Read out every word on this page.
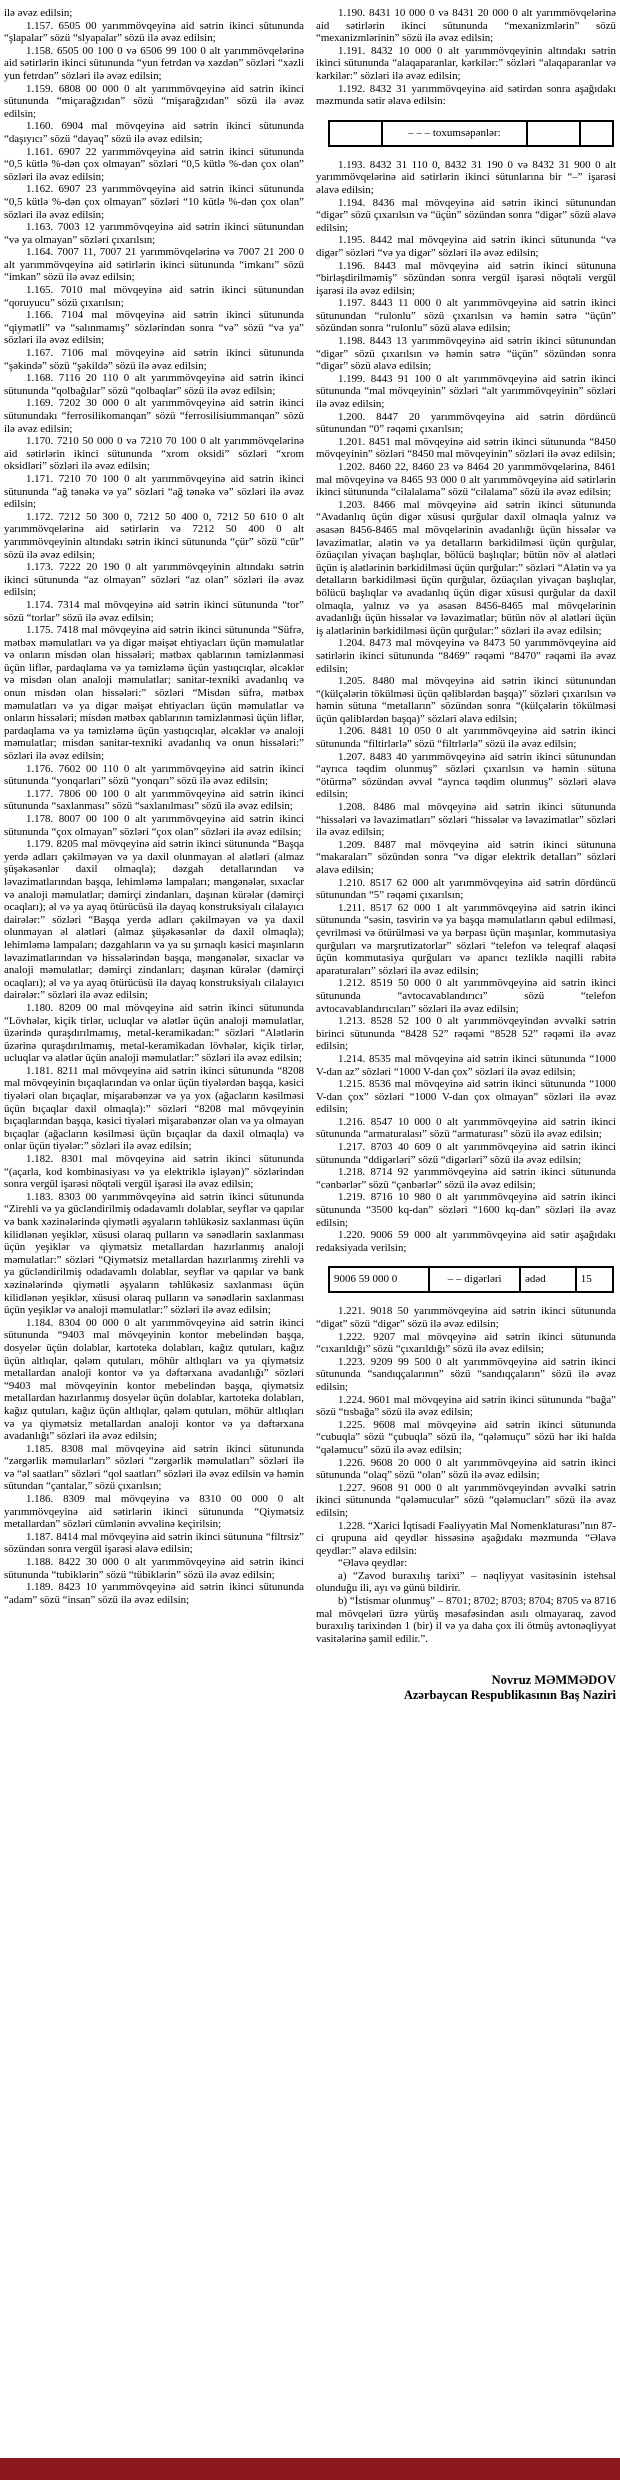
ilə əvəz edilsin;

1.157. 6505 00 yarımmövqeyinə aid sətrin ikinci sütununda “şlapalar” sözü “slyapalar” sözü ilə əvəz edilsin;

1.158. 6505 00 100 0 və 6506 99 100 0 alt yarımmövqelərinə aid sətirlərin ikinci sütununda “yun fetrdən və xəzdən” sözləri “xəzli yun fetrdən” sözləri ilə əvəz edilsin;

1.159. 6808 00 000 0 alt yarımmövqeyinə aid sətrin ikinci sütununda “miçarağzıdan” sözü “mişarağzıdan” sözü ilə əvəz edilsin;

1.160. 6904 mal mövqeyinə aid sətrin ikinci sütununda “daşıyıcı” sözü “dayaq” sözü ilə əvəz edilsin;

1.161. 6907 22 yarımmövqeyinə aid sətrin ikinci sütununda “0,5 kütlə %-dən çox olmayan” sözləri “0,5 kütlə %-dən çox olan” sözləri ilə əvəz edilsin;

1.162. 6907 23 yarımmövqeyinə aid sətrin ikinci sütununda “0,5 kütlə %-dən çox olmayan” sözləri “10 kütlə %-dən çox olan” sözləri ilə əvəz edilsin;

1.163. 7003 12 yarımmövqeyinə aid sətrin ikinci sütunundan “və ya olmayan” sözləri çıxarılsın;

1.164. 7007 11, 7007 21 yarımmövqelərinə və 7007 21 200 0 alt yarımmövqeyinə aid sətirlərin ikinci sütununda “imkanı” sözü “imkan” sözü ilə əvəz edilsin;

1.165. 7010 mal mövqeyinə aid sətrin ikinci sütunundan “qoruyucu” sözü çıxarılsın;

1.166. 7104 mal mövqeyinə aid sətrin ikinci sütununda “qiymətli” və “salınmamış” sözlərindən sonra “və” sözü “və ya” sözləri ilə əvəz edilsin;

1.167. 7106 mal mövqeyinə aid sətrin ikinci sütununda “şəkində” sözü “şəkildə” sözü ilə əvəz edilsin;

1.168. 7116 20 110 0 alt yarımmövqeyinə aid sətrin ikinci sütununda “qolbağılar” sözü “qolbaqlar” sözü ilə əvəz edilsin;

1.169. 7202 30 000 0 alt yarımmövqeyinə aid sətrin ikinci sütunundakı “ferrosilikomanqan” sözü “ferrosilisiummanqan” sözü ilə əvəz edilsin;

1.170. 7210 50 000 0 və 7210 70 100 0 alt yarımmövqelərinə aid sətirlərin ikinci sütununda “xrom oksidi” sözləri “xrom oksidləri” sözləri ilə əvəz edilsin;

1.171. 7210 70 100 0 alt yarımmövqeyinə aid sətrin ikinci sütununda “ağ tənəkə və ya” sözləri “ağ tənəkə və” sözləri ilə əvəz edilsin;

1.172. 7212 50 300 0, 7212 50 400 0, 7212 50 610 0 alt yarımmövqelərinə aid sətirlərin və 7212 50 400 0 alt yarımmövqeyinin altındakı sətrin ikinci sütununda “çür” sözü “cür” sözü ilə əvəz edilsin;

1.173. 7222 20 190 0 alt yarımmövqeyinin altındakı sətrin ikinci sütununda “az olmayan” sözləri “az olan” sözləri ilə əvəz edilsin;

1.174. 7314 mal mövqeyinə aid sətrin ikinci sütununda “tor” sözü “torlar” sözü ilə əvəz edilsin;

1.175. 7418 mal mövqeyinə aid sətrin ikinci sütununda “Süfrə, mətbəx məmulatları və ya digər məişət ehtiyacları üçün məmulatlar və onların misdən olan hissələri; mətbəx qablarının təmizlənməsi üçün liflər, pardaqlama və ya təmizləmə üçün yastıqcıqlar, əlcəklər və misdən olan analoji məmulatlar; sanitar-texniki avadanlıq və onun misdən olan hissələri:” sözləri “Misdən süfrə, mətbəx məmulatları və ya digər məişət ehtiyacları üçün məmulatlar və onların hissələri; misdən mətbəx qablarının təmizlənməsi üçün liflər, pardaqlama və ya təmizləmə üçün yastıqcıqlar, əlcəklər və analoji məmulatlar; misdən sanitar-texniki avadanlıq və onun hissələri:” sözləri ilə əvəz edilsin;

1.176. 7602 00 110 0 alt yarımmövqeyinə aid sətrin ikinci sütununda “yonqarları” sözü “yonqarı” sözü ilə əvəz edilsin;

1.177. 7806 00 100 0 alt yarımmövqeyinə aid sətrin ikinci sütununda “saxlanması” sözü “saxlanılması” sözü ilə əvəz edilsin;

1.178. 8007 00 100 0 alt yarımmövqeyinə aid sətrin ikinci sütununda “çox olmayan” sözləri “çox olan” sözləri ilə əvəz edilsin;

1.179. 8205 mal mövqeyinə aid sətrin ikinci sütununda “Başqa yerdə adları çəkilməyən və ya daxil olunmayan əl alətləri (almaz şüşəkəsənlər daxil olmaqla); dəzgah detallarından və ləvazimatlarından başqa, lehimləmə lampaları; məngənələr, sıxaclar və analoji məmulatlar; dəmirçi zindanları, daşınan kürələr (dəmirçi ocaqları); əl və ya ayaq ötürücüsü ilə dayaq konstruksiyalı cilalayıcı dairələr:” sözləri “Başqa yerdə adları çəkilməyən və ya daxil olunmayan əl alətləri (almaz şüşəkəsənlər də daxil olmaqla); lehimləmə lampaları; dəzgahların və ya su şırnaqlı kəsici maşınların ləvazimatlarından və hissələrindən başqa, məngənələr, sıxaclar və analoji məmulatlar; dəmirçi zindanları; daşınan kürələr (dəmirçi ocaqları); əl və ya ayaq ötürücüsü ilə dayaq konstruksiyalı cilalayıcı dairələr:” sözləri ilə əvəz edilsin;

1.180. 8209 00 mal mövqeyinə aid sətrin ikinci sütununda “Lövhələr, kiçik tirlər, ucluqlar və alətlər üçün analoji məmulatlar, üzərində quraşdırılmamış, metal-keramikadan:” sözləri “Alətlərin üzərinə quraşdırılmamış, metal-keramikadan lövhələr, kiçik tirlər, ucluqlar və alətlər üçün analoji məmulatlar:” sözləri ilə əvəz edilsin;

1.181. 8211 mal mövqeyinə aid sətrin ikinci sütununda “8208 mal mövqeyinin bıçaqlarından və onlar üçün tiyələrdən başqa, kəsici tiyələri olan bıçaqlar, mişarabənzər və ya yox (ağacların kəsilməsi üçün bıçaqlar daxil olmaqla):” sözləri “8208 mal mövqeyinin bıçaqlarından başqa, kəsici tiyələri mişarabənzər olan və ya olmayan bıçaqlar (ağacların kəsilməsi üçün bıçaqlar da daxil olmaqla) və onlar üçün tiyələr:” sözləri ilə əvəz edilsin;

1.182. 8301 mal mövqeyinə aid sətrin ikinci sütununda “(açarla, kod kombinasiyası və ya elektriklə işləyən)” sözlərindən sonra vergül işarəsi nöqtəli vergül işarəsi ilə əvəz edilsin;

1.183. 8303 00 yarımmövqeyinə aid sətrin ikinci sütununda “Zirehli və ya gücləndirilmiş odadavamlı dolablar, seyflər və qapılar və bank xəzinələrində qiymətli əşyaların təhlükəsiz saxlanması üçün kilidlənən yeşiklər, xüsusi olaraq pulların və sənədlərin saxlanması üçün yeşiklər və qiymətsiz metallardan hazırlanmış analoji məmulatlar:” sözləri “Qiymətsiz metallardan hazırlanmış zirehli və ya gücləndirilmiş odadavamlı dolablar, seyflər və qapılar və bank xəzinələrində qiymətli əşyaların təhlükəsiz saxlanması üçün kilidlənən yeşiklər, xüsusi olaraq pulların və sənədlərin saxlanması üçün yeşiklər və analoji məmulatlar:” sözləri ilə əvəz edilsin;

1.184. 8304 00 000 0 alt yarımmövqeyinə aid sətrin ikinci sütununda “9403 mal mövqeyinin kontor mebelindən başqa, dosyelər üçün dolablar, kartoteka dolabları, kağız qutuları, kağız üçün altlıqlar, qələm qutuları, möhür altlıqları və ya qiymətsiz metallardan analoji kontor və ya dəftərxana avadanlığı” sözləri “9403 mal mövqeyinin kontor mebelindən başqa, qiymətsiz metallardan hazırlanmış dosyelər üçün dolablar, kartoteka dolabları, kağız qutuları, kağız üçün altlıqlar, qələm qutuları, möhür altlıqları və ya qiymətsiz metallardan analoji kontor və ya dəftərxana avadanlığı” sözləri ilə əvəz edilsin;

1.185. 8308 mal mövqeyinə aid sətrin ikinci sütununda “zərgərlik məmularları” sözləri “zərgərlik məmulatları” sözləri ilə və “əl saatları” sözləri “qol saatları” sözləri ilə əvəz edilsin və həmin sütundan “çantalar,” sözü çıxarılsın;

1.186. 8309 mal mövqeyinə və 8310 00 000 0 alt yarımmövqeyinə aid sətirlərin ikinci sütununda “Qiymətsiz metallardan” sözləri cümlənin əvvəlinə keçirilsin;

1.187. 8414 mal mövqeyinə aid sətrin ikinci sütununa “filtrsiz” sözündən sonra vergül işarəsi əlavə edilsin;

1.188. 8422 30 000 0 alt yarımmövqeyinə aid sətrin ikinci sütununda “tubiklərin” sözü “tübiklərin” sözü ilə əvəz edilsin;

1.189. 8423 10 yarımmövqeyinə aid sətrin ikinci sütununda “adam” sözü “insan” sözü ilə əvəz edilsin;

1.190. 8431 10 000 0 və 8431 20 000 0 alt yarımmövqelərinə aid sətirlərin ikinci sütununda “mexanizmlərin” sözü “mexanizmlərinin” sözü ilə əvəz edilsin;

1.191. 8432 10 000 0 alt yarımmövqeyinin altındakı sətrin ikinci sütununda “alaqaparanlar, kərkilər:” sözləri “alaqaparanlar və kərkilər:” sözləri ilə əvəz edilsin;

1.192. 8432 31 yarımmövqeyinə aid sətirdən sonra aşağıdakı məzmunda sətir əlavə edilsin:

	– – – toxumsəpənlər:		

1.193. 8432 31 110 0, 8432 31 190 0 və 8432 31 900 0 alt yarımmövqelərinə aid sətirlərin ikinci sütunlarına bir “–” işarəsi əlavə edilsin;

1.194. 8436 mal mövqeyinə aid sətrin ikinci sütunundan “digər” sözü çıxarılsın və “üçün” sözündən sonra “digər” sözü əlavə edilsin;

1.195. 8442 mal mövqeyinə aid sətrin ikinci sütununda “və digər” sözləri “və ya digər” sözləri ilə əvəz edilsin;

1.196. 8443 mal mövqeyinə aid sətrin ikinci sütununa “birləşdirilməmiş” sözündən sonra vergül işarəsi nöqtəli vergül işarəsi ilə əvəz edilsin;

1.197. 8443 11 000 0 alt yarımmövqeyinə aid sətrin ikinci sütunundan “rulonlu” sözü çıxarılsın və həmin sətrə “üçün” sözündən sonra “rulonlu” sözü əlavə edilsin;

1.198. 8443 13 yarımmövqeyinə aid sətrin ikinci sütunundan “digər” sözü çıxarılsın və həmin sətrə “üçün” sözündən sonra “digər” sözü əlavə edilsin;

1.199. 8443 91 100 0 alt yarımmövqeyinə aid sətrin ikinci sütununda “mal mövqeyinin” sözləri “alt yarımmövqeyinin” sözləri ilə əvəz edilsin;

1.200. 8447 20 yarımmövqeyinə aid sətrin dördüncü sütunundan “0” rəqəmi çıxarılsın;

1.201. 8451 mal mövqeyinə aid sətrin ikinci sütununda “8450 mövqeyinin” sözləri “8450 mal mövqeyinin” sözləri ilə əvəz edilsin;

1.202. 8460 22, 8460 23 və 8464 20 yarımmövqelərinə, 8461 mal mövqeyinə və 8465 93 000 0 alt yarımmövqeyinə aid sətirlərin ikinci sütununda “cilalalama” sözü “cilalama” sözü ilə əvəz edilsin;

1.203. 8466 mal mövqeyinə aid sətrin ikinci sütununda “Avadanlıq üçün digər xüsusi qurğular daxil olmaqla yalnız və əsasən 8456-8465 mal mövqelərinin avadanlığı üçün hissələr və ləvazimatlar, alətin və ya detalların bərkidilməsi üçün qurğular, özüaçılan yivaçan başlıqlar, bölücü başlıqlar; bütün növ əl alətləri üçün iş alətlərinin bərkidilməsi üçün qurğular:” sözləri “Alətin və ya detalların bərkidilməsi üçün qurğular, özüaçılan yivaçan başlıqlar, bölücü başlıqlar və avadanlıq üçün digər xüsusi qurğular da daxil olmaqla, yalnız və ya əsasən 8456-8465 mal mövqelərinin avadanlığı üçün hissələr və ləvazimatlar; bütün növ əl alətləri üçün iş alətlərinin bərkidilməsi üçün qurğular:” sözləri ilə əvəz edilsin;

1.204. 8473 mal mövqeyinə və 8473 50 yarımmövqeyinə aid sətirlərin ikinci sütununda “8469” rəqəmi “8470” rəqəmi ilə əvəz edilsin;

1.205. 8480 mal mövqeyinə aid sətrin ikinci sütunundan “(külçələrin tökülməsi üçün qəliblərdən başqa)” sözləri çıxarılsın və həmin sütuna “metalların” sözündən sonra “(külçələrin tökülməsi üçün qəliblərdən başqa)” sözləri əlavə edilsin;

1.206. 8481 10 050 0 alt yarımmövqeyinə aid sətrin ikinci sütununda “filtirlərlə” sözü “filtrlərlə” sözü ilə əvəz edilsin;

1.207. 8483 40 yarımmövqeyinə aid sətrin ikinci sütunundan “ayrıca təqdim olunmuş” sözləri çıxarılsın və həmin sütuna “ötürmə” sözündən əvvəl “ayrıca təqdim olunmuş” sözləri əlavə edilsin;

1.208. 8486 mal mövqeyinə aid sətrin ikinci sütununda “hissələri və ləvazimatları” sözləri “hissələr və ləvazimatlar” sözləri ilə əvəz edilsin;

1.209. 8487 mal mövqeyinə aid sətrin ikinci sütununa “makaraları” sözündən sonra “və digər elektrik detalları” sözləri əlavə edilsin;

1.210. 8517 62 000 alt yarımmövqeyinə aid sətrin dördüncü sütunundan “5” rəqəmi çıxarılsın;

1.211. 8517 62 000 1 alt yarımmövqeyinə aid sətrin ikinci sütununda “səsin, təsvirin və ya başqa məmulatların qəbul edilməsi, çevrilməsi və ötürülməsi və ya bərpası üçün maşınlar, kommutasiya qurğuları və marşrutizatorlar” sözləri “telefon və teleqraf əlaqəsi üçün kommutasiya qurğuları və aparıcı tezliklə naqilli rabitə aparaturaları” sözləri ilə əvəz edilsin;

1.212. 8519 50 000 0 alt yarımmövqeyinə aid sətrin ikinci sütununda “avtocavablandırıcı” sözü “telefon avtocavablandırıcıları” sözləri ilə əvəz edilsin;

1.213. 8528 52 100 0 alt yarımmövqeyindən əvvəlki sətrin birinci sütununda “8428 52” rəqəmi “8528 52” rəqəmi ilə əvəz edilsin;

1.214. 8535 mal mövqeyinə aid sətrin ikinci sütununda “1000 V-dan az” sözləri “1000 V-dan çox” sözləri ilə əvəz edilsin;

1.215. 8536 mal mövqeyinə aid sətrin ikinci sütununda “1000 V-dan çox” sözləri “1000 V-dan çox olmayan” sözləri ilə əvəz edilsin;

1.216. 8547 10 000 0 alt yarımmövqeyinə aid sətrin ikinci sütununda “armaturalası” sözü “armaturası” sözü ilə əvəz edilsin;

1.217. 8703 40 609 0 alt yarımmövqeyinə aid sətrin ikinci sütununda “ddigərləri” sözü “digərləri” sözü ilə əvəz edilsin;

1.218. 8714 92 yarımmövqeyinə aid sətrin ikinci sütununda “cənbərlər” sözü “çənbərlər” sözü ilə əvəz edilsin;

1.219. 8716 10 980 0 alt yarımmövqeyinə aid sətrin ikinci sütununda “3500 kq-dan” sözləri “1600 kq-dan” sözləri ilə əvəz edilsin;

1.220. 9006 59 000 alt yarımmövqeyinə aid sətir aşağıdakı redaksiyada verilsin;

9006 59 000 0	– – digərləri	ədəd	15

1.221. 9018 50 yarımmövqeyinə aid sətrin ikinci sütununda “digət” sözü “digər” sözü ilə əvəz edilsin;

1.222. 9207 mal mövqeyinə aid sətrin ikinci sütununda “cıxarıldığı” sözü “çıxarıldığı” sözü ilə əvəz edilsin;

1.223. 9209 99 500 0 alt yarımmövqeyinə aid sətrin ikinci sütununda “sandıqçalarının” sözü “sandıqçaların” sözü ilə əvəz edilsin;

1.224. 9601 mal mövqeyinə aid sətrin ikinci sütununda “bağa” sözü “tısbağa” sözü ilə əvəz edilsin;

1.225. 9608 mal mövqeyinə aid sətrin ikinci sütununda “cubuqla” sözü “çubuqla” sözü ilə, “qələmuçu” sözü hər iki halda “qələmucu” sözü ilə əvəz edilsin;

1.226. 9608 20 000 0 alt yarımmövqeyinə aid sətrin ikinci sütununda “olaq” sözü “olan” sözü ilə əvəz edilsin;

1.227. 9608 91 000 0 alt yarımmövqeyindən əvvəlki sətrin ikinci sütununda “qələmucular” sözü “qələmucları” sözü ilə əvəz edilsin;

1.228. “Xarici İqtisadi Fəaliyyətin Mal Nomenklaturası”nın 87-ci qrupuna aid qeydlər hissəsinə aşağıdakı məzmunda “Əlavə qeydlər:” əlavə edilsin:

“Əlavə qeydlər:

a) “Zavod buraxılış tarixi” – nəqliyyat vasitəsinin istehsal olunduğu ili, ayı və günü bildirir.

b) “İstismar olunmuş” – 8701; 8702; 8703; 8704; 8705 və 8716 mal mövqeləri üzrə yürüş məsafəsindən asılı olmayaraq, zavod buraxılış tarixindən 1 (bir) il və ya daha çox ili ötmüş avtonəqliyyat vasitələrinə şamil edilir.”.

Novruz MƏMMƏDOV
Azərbaycan Respublikasının Baş Naziri
